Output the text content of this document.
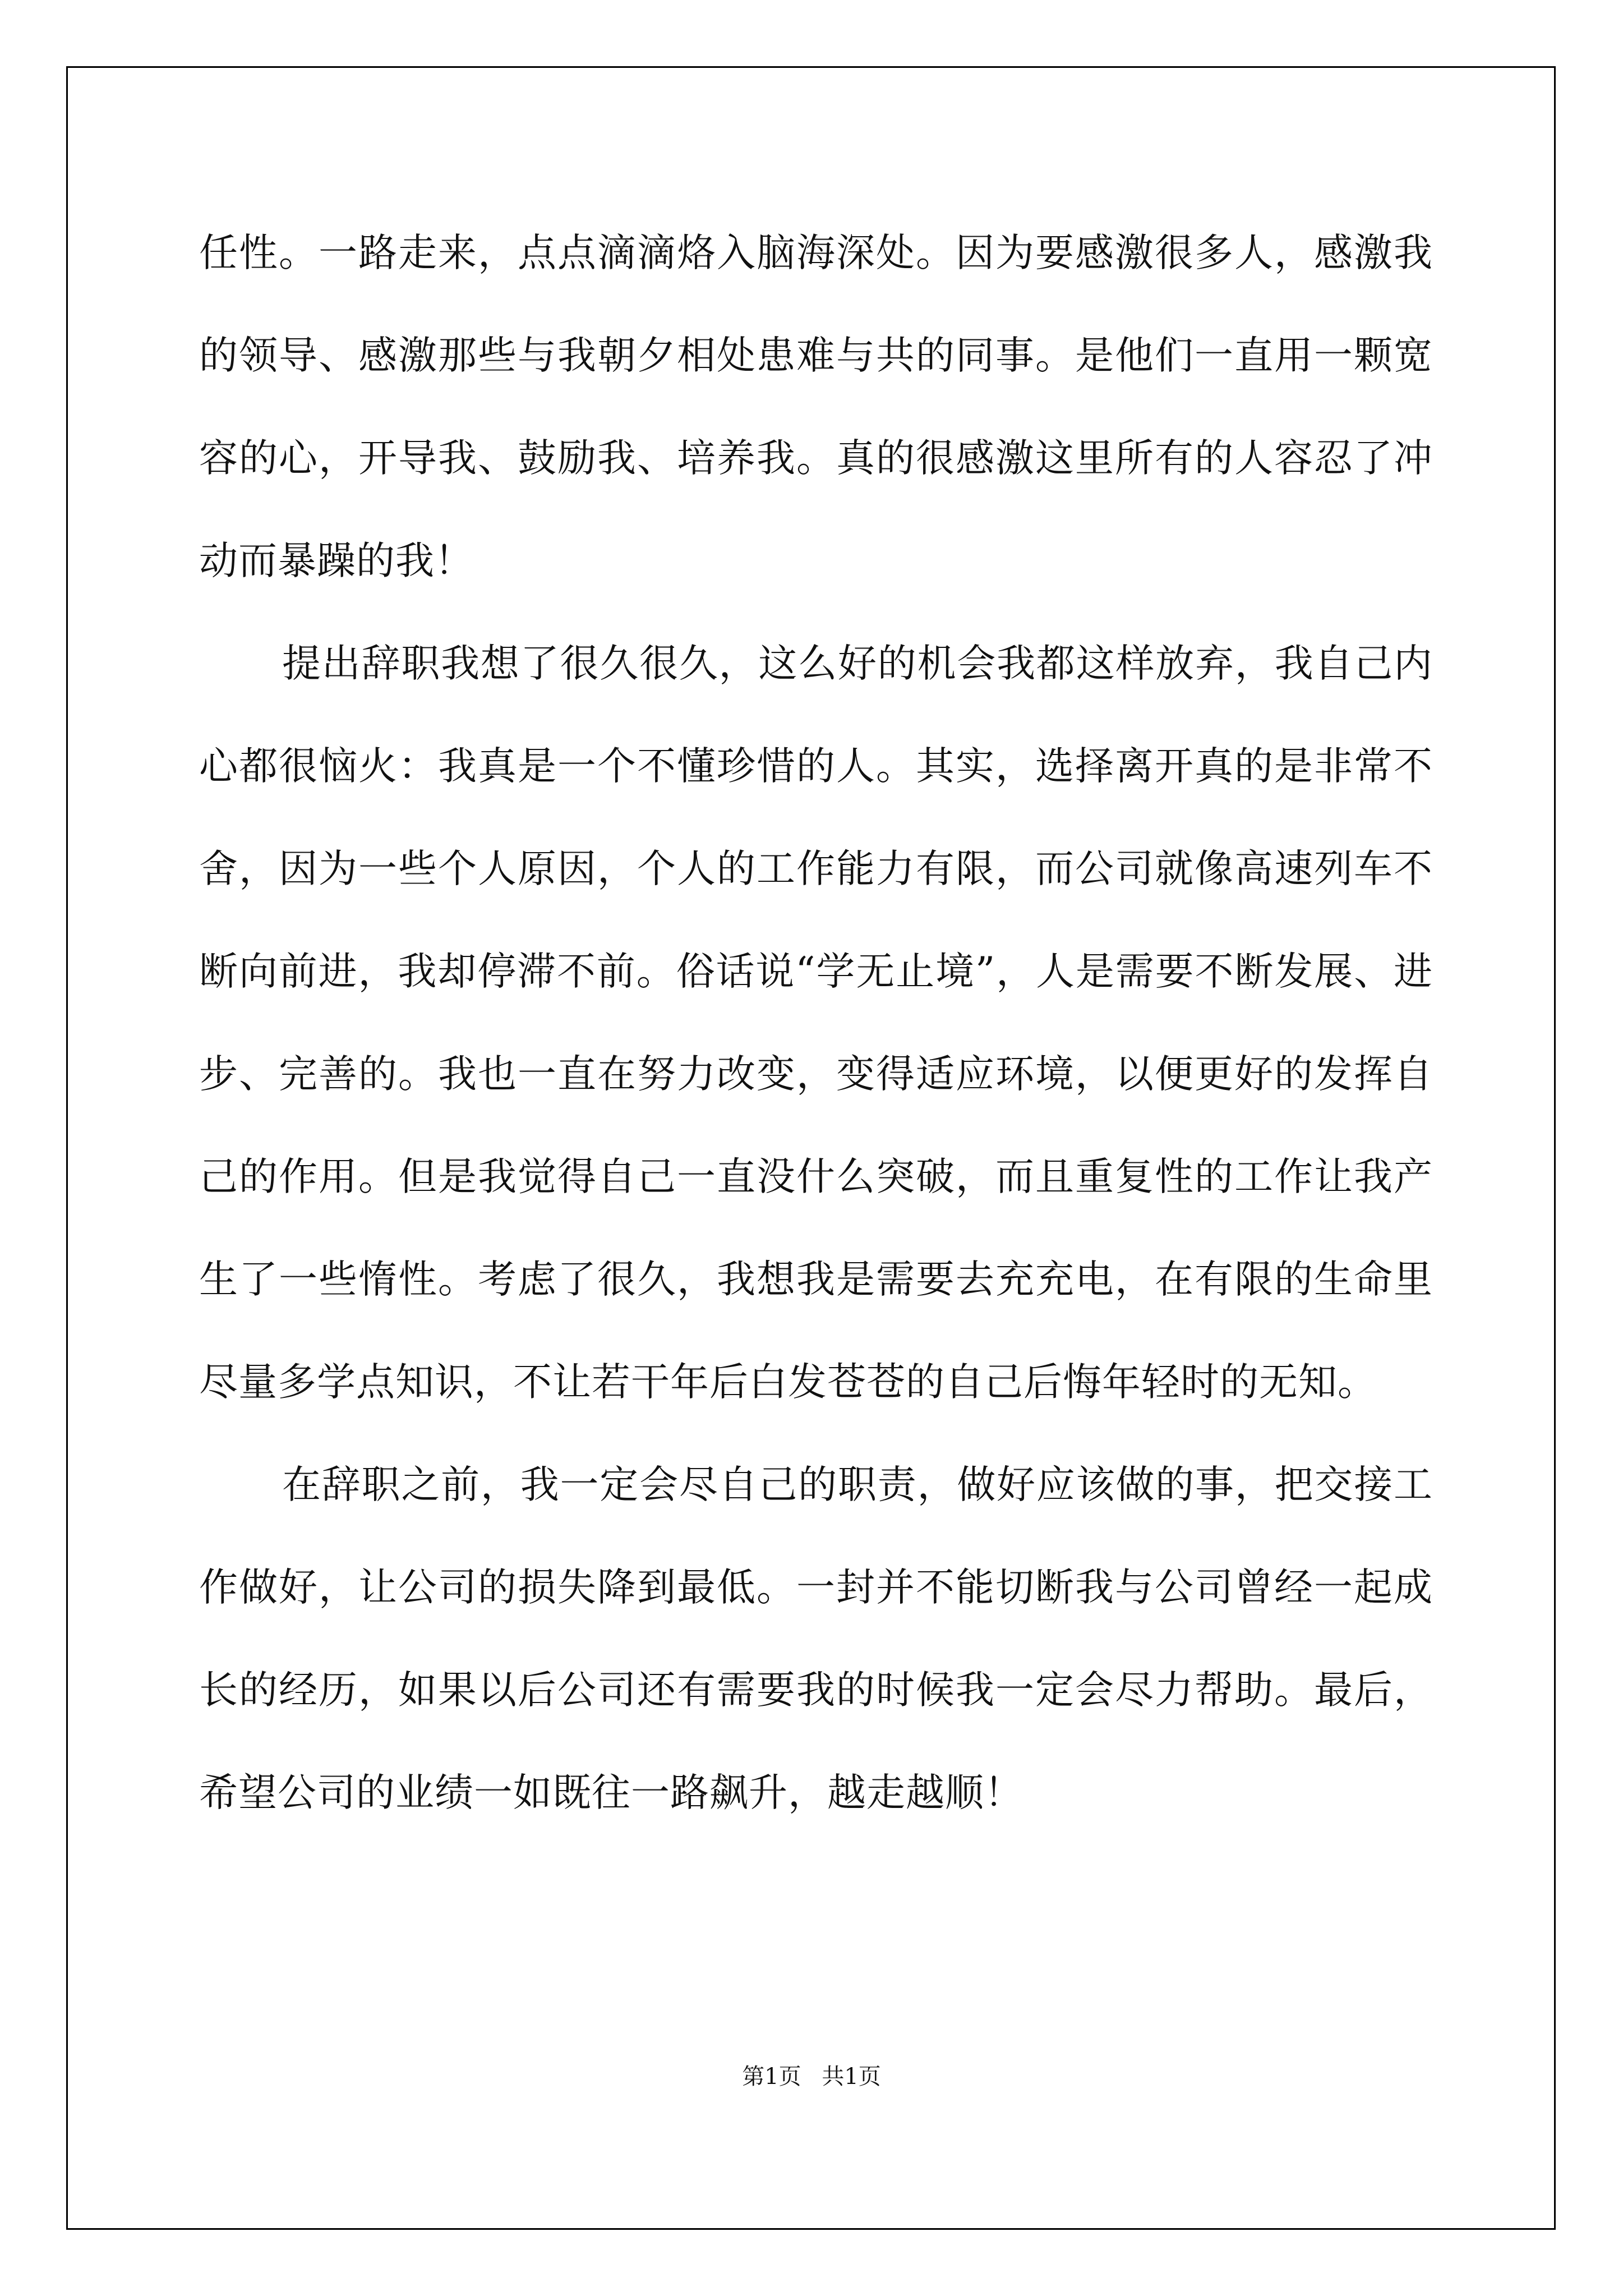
任性。一路走来，点点滴滴烙入脑海深处。因为要感激很多人，感激我的领导、感激那些与我朝夕相处患难与共的同事。是他们一直用一颗宽容的心，开导我、鼓励我、培养我。真的很感激这里所有的人容忍了冲动而暴躁的我！

提出辞职我想了很久很久，这么好的机会我都这样放弃，我自己内心都很恼火：我真是一个不懂珍惜的人。其实，选择离开真的是非常不舍，因为一些个人原因，个人的工作能力有限，而公司就像高速列车不断向前进，我却停滞不前。俗话说“学无止境”，人是需要不断发展、进步、完善的。我也一直在努力改变，变得适应环境，以便更好的发挥自己的作用。但是我觉得自己一直没什么突破，而且重复性的工作让我产生了一些惰性。考虑了很久，我想我是需要去充充电，在有限的生命里尽量多学点知识，不让若干年后白发苍苍的自己后悔年轻时的无知。

在辞职之前，我一定会尽自己的职责，做好应该做的事，把交接工作做好，让公司的损失降到最低。一封并不能切断我与公司曾经一起成长的经历，如果以后公司还有需要我的时候我一定会尽力帮助。最后，希望公司的业绩一如既往一路飙升，越走越顺！

第1页 共1页
